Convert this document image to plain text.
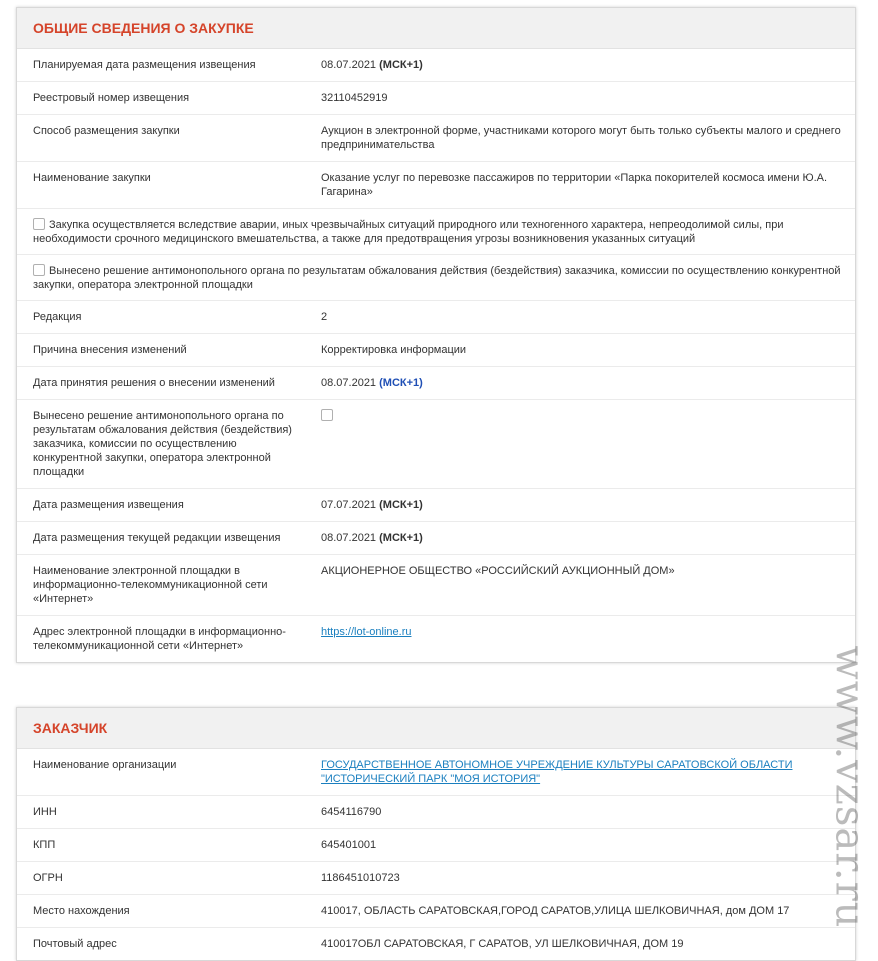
ОБЩИЕ СВЕДЕНИЯ О ЗАКУПКЕ
Планируемая дата размещения извещения	08.07.2021 (МСК+1)
Реестровый номер извещения	32110452919
Способ размещения закупки	Аукцион в электронной форме, участниками которого могут быть только субъекты малого и среднего предпринимательства
Наименование закупки	Оказание услуг по перевозке пассажиров по территории «Парка покорителей космоса имени Ю.А. Гагарина»
Закупка осуществляется вследствие аварии, иных чрезвычайных ситуаций природного или техногенного характера, непреодолимой силы, при необходимости срочного медицинского вмешательства, а также для предотвращения угрозы возникновения указанных ситуаций	
Вынесено решение антимонопольного органа по результатам обжалования действия (бездействия) заказчика, комиссии по осуществлению конкурентной закупки, оператора электронной площадки	
Редакция	2
Причина внесения изменений	Корректировка информации
Дата принятия решения о внесении изменений	08.07.2021 (МСК+1)
Вынесено решение антимонопольного органа по результатам обжалования действия (бездействия) заказчика, комиссии по осуществлению конкурентной закупки, оператора электронной площадки	
Дата размещения извещения	07.07.2021 (МСК+1)
Дата размещения текущей редакции извещения	08.07.2021 (МСК+1)
Наименование электронной площадки в информационно-телекоммуникационной сети «Интернет»	АКЦИОНЕРНОЕ ОБЩЕСТВО «РОССИЙСКИЙ АУКЦИОННЫЙ ДОМ»
Адрес электронной площадки в информационно-телекоммуникационной сети «Интернет»	https://lot-online.ru
ЗАКАЗЧИК
Наименование организации	ГОСУДАРСТВЕННОЕ АВТОНОМНОЕ УЧРЕЖДЕНИЕ КУЛЬТУРЫ САРАТОВСКОЙ ОБЛАСТИ "ИСТОРИЧЕСКИЙ ПАРК "МОЯ ИСТОРИЯ"
ИНН	6454116790
КПП	645401001
ОГРН	1186451010723
Место нахождения	410017, ОБЛАСТЬ САРАТОВСКАЯ,ГОРОД САРАТОВ,УЛИЦА ШЕЛКОВИЧНАЯ, дом ДОМ 17
Почтовый адрес	410017ОБЛ САРАТОВСКАЯ, Г САРАТОВ, УЛ ШЕЛКОВИЧНАЯ, ДОМ 19
www.vzsar.ru
